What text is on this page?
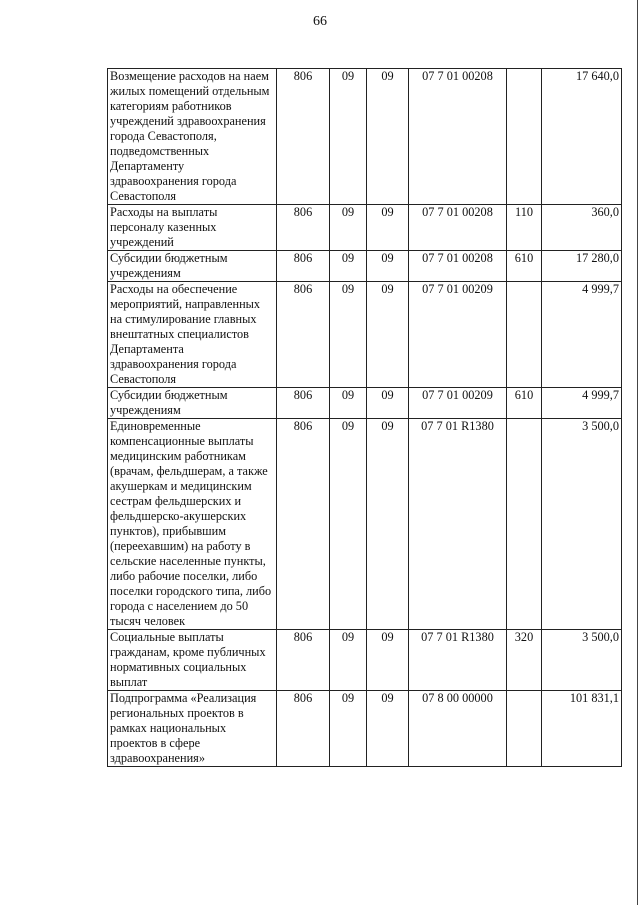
66
Возмещение расходов на наем жилых помещений отдельным категориям работников учреждений здравоохранения города Севастополя, подведомственных Департаменту здравоохранения города Севастополя	806	09	09	07 7 01 00208		17 640,0
Расходы на выплаты персоналу казенных учреждений	806	09	09	07 7 01 00208	110	360,0
Субсидии бюджетным учреждениям	806	09	09	07 7 01 00208	610	17 280,0
Расходы на обеспечение мероприятий, направленных на стимулирование главных внештатных специалистов Департамента здравоохранения города Севастополя	806	09	09	07 7 01 00209		4 999,7
Субсидии бюджетным учреждениям	806	09	09	07 7 01 00209	610	4 999,7
Единовременные компенсационные выплаты медицинским работникам (врачам, фельдшерам, а также акушеркам и медицинским сестрам фельдшерских и фельдшерско-акушерских пунктов), прибывшим (переехавшим) на работу в сельские населенные пункты, либо рабочие поселки, либо поселки городского типа, либо города с населением до 50 тысяч человек	806	09	09	07 7 01 R1380		3 500,0
Социальные выплаты гражданам, кроме публичных нормативных социальных выплат	806	09	09	07 7 01 R1380	320	3 500,0
Подпрограмма «Реализация региональных проектов в рамках национальных проектов в сфере здравоохранения»	806	09	09	07 8 00 00000		101 831,1
